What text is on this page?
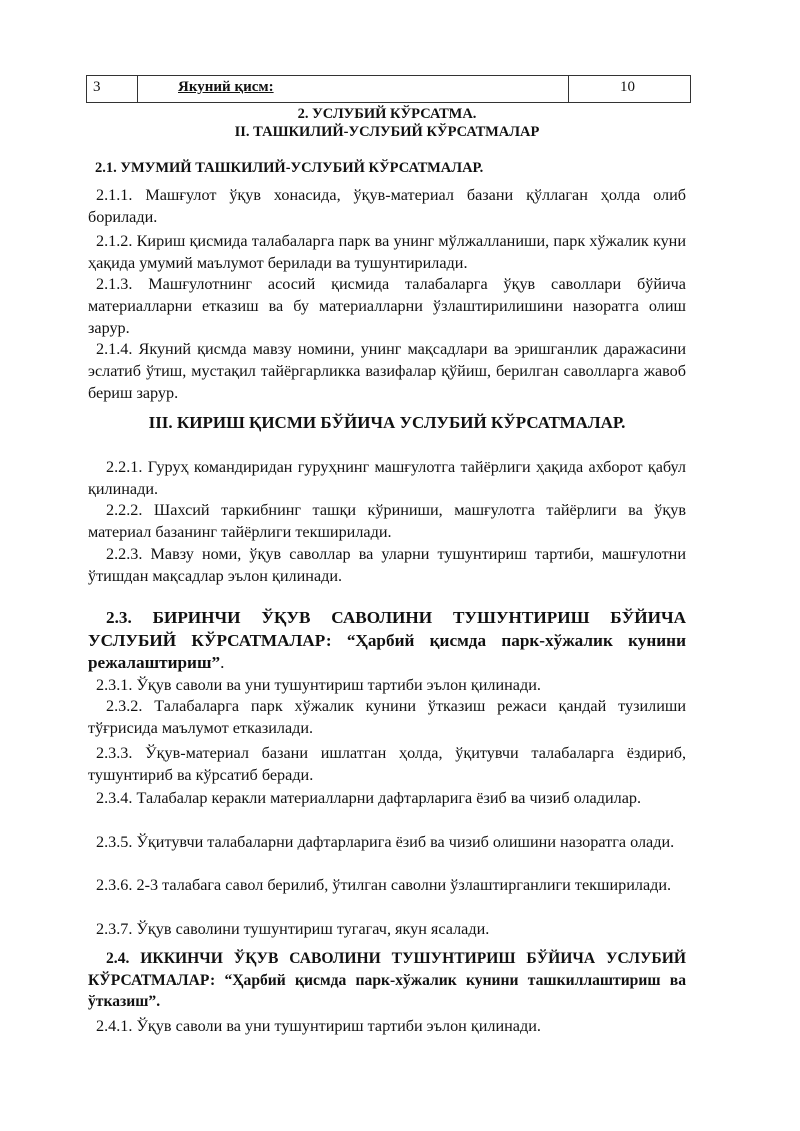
3	Якуний қисм:	10
2. УСЛУБИЙ КЎРСАТМА.
II. ТАШКИЛИЙ-УСЛУБИЙ КЎРСАТМАЛАР
2.1. УМУМИЙ ТАШКИЛИЙ-УСЛУБИЙ КЎРСАТМАЛАР.
2.1.1. Машғулот ўқув хонасида, ўқув-материал базани қўллаган ҳолда олиб борилади.
2.1.2. Кириш қисмида талабаларга парк ва унинг мўлжалланиши, парк хўжалик куни ҳақида умумий маълумот берилади ва тушунтирилади.
2.1.3. Машғулотнинг асосий қисмида талабаларга ўқув саволлари бўйича материалларни етказиш ва бу материалларни ўзлаштирилишини назоратга олиш зарур.
2.1.4. Якуний қисмда мавзу номини, унинг мақсадлари ва эришганлик даражасини эслатиб ўтиш, мустақил тайёргарликка вазифалар қўйиш, берилган саволларга жавоб бериш зарур.
III. КИРИШ ҚИСМИ БЎЙИЧА УСЛУБИЙ КЎРСАТМАЛАР.
2.2.1. Гуруҳ командиридан гуруҳнинг машғулотга тайёрлиги ҳақида ахборот қабул қилинади.
2.2.2. Шахсий таркибнинг ташқи кўриниши, машғулотга тайёрлиги ва ўқув материал базанинг тайёрлиги текширилади.
2.2.3. Мавзу номи, ўқув саволлар ва уларни тушунтириш тартиби, машғулотни ўтишдан мақсадлар эълон қилинади.
2.3. БИРИНЧИ ЎҚУВ САВОЛИНИ ТУШУНТИРИШ БЎЙИЧА УСЛУБИЙ КЎРСАТМАЛАР: “Ҳарбий қисмда парк-хўжалик кунини режалаштириш”.
2.3.1. Ўқув саволи ва уни тушунтириш тартиби эълон қилинади.
2.3.2. Талабаларга парк хўжалик кунини ўтказиш режаси қандай тузилиши тўғрисида маълумот етказилади.
2.3.3. Ўқув-материал базани ишлатган ҳолда, ўқитувчи талабаларга ёздириб, тушунтириб ва кўрсатиб беради.
2.3.4. Талабалар керакли материалларни дафтарларига ёзиб ва чизиб оладилар.
2.3.5. Ўқитувчи талабаларни дафтарларига ёзиб ва чизиб олишини назоратга олади.
2.3.6. 2-3 талабага савол берилиб, ўтилган саволни ўзлаштирганлиги текширилади.
2.3.7. Ўқув саволини тушунтириш тугагач, якун ясалади.
2.4. ИККИНЧИ ЎҚУВ САВОЛИНИ ТУШУНТИРИШ БЎЙИЧА УСЛУБИЙ КЎРСАТМАЛАР: “Ҳарбий қисмда парк-хўжалик кунини ташкиллаштириш ва ўтказиш”.
2.4.1. Ўқув саволи ва уни тушунтириш тартиби эълон қилинади.
